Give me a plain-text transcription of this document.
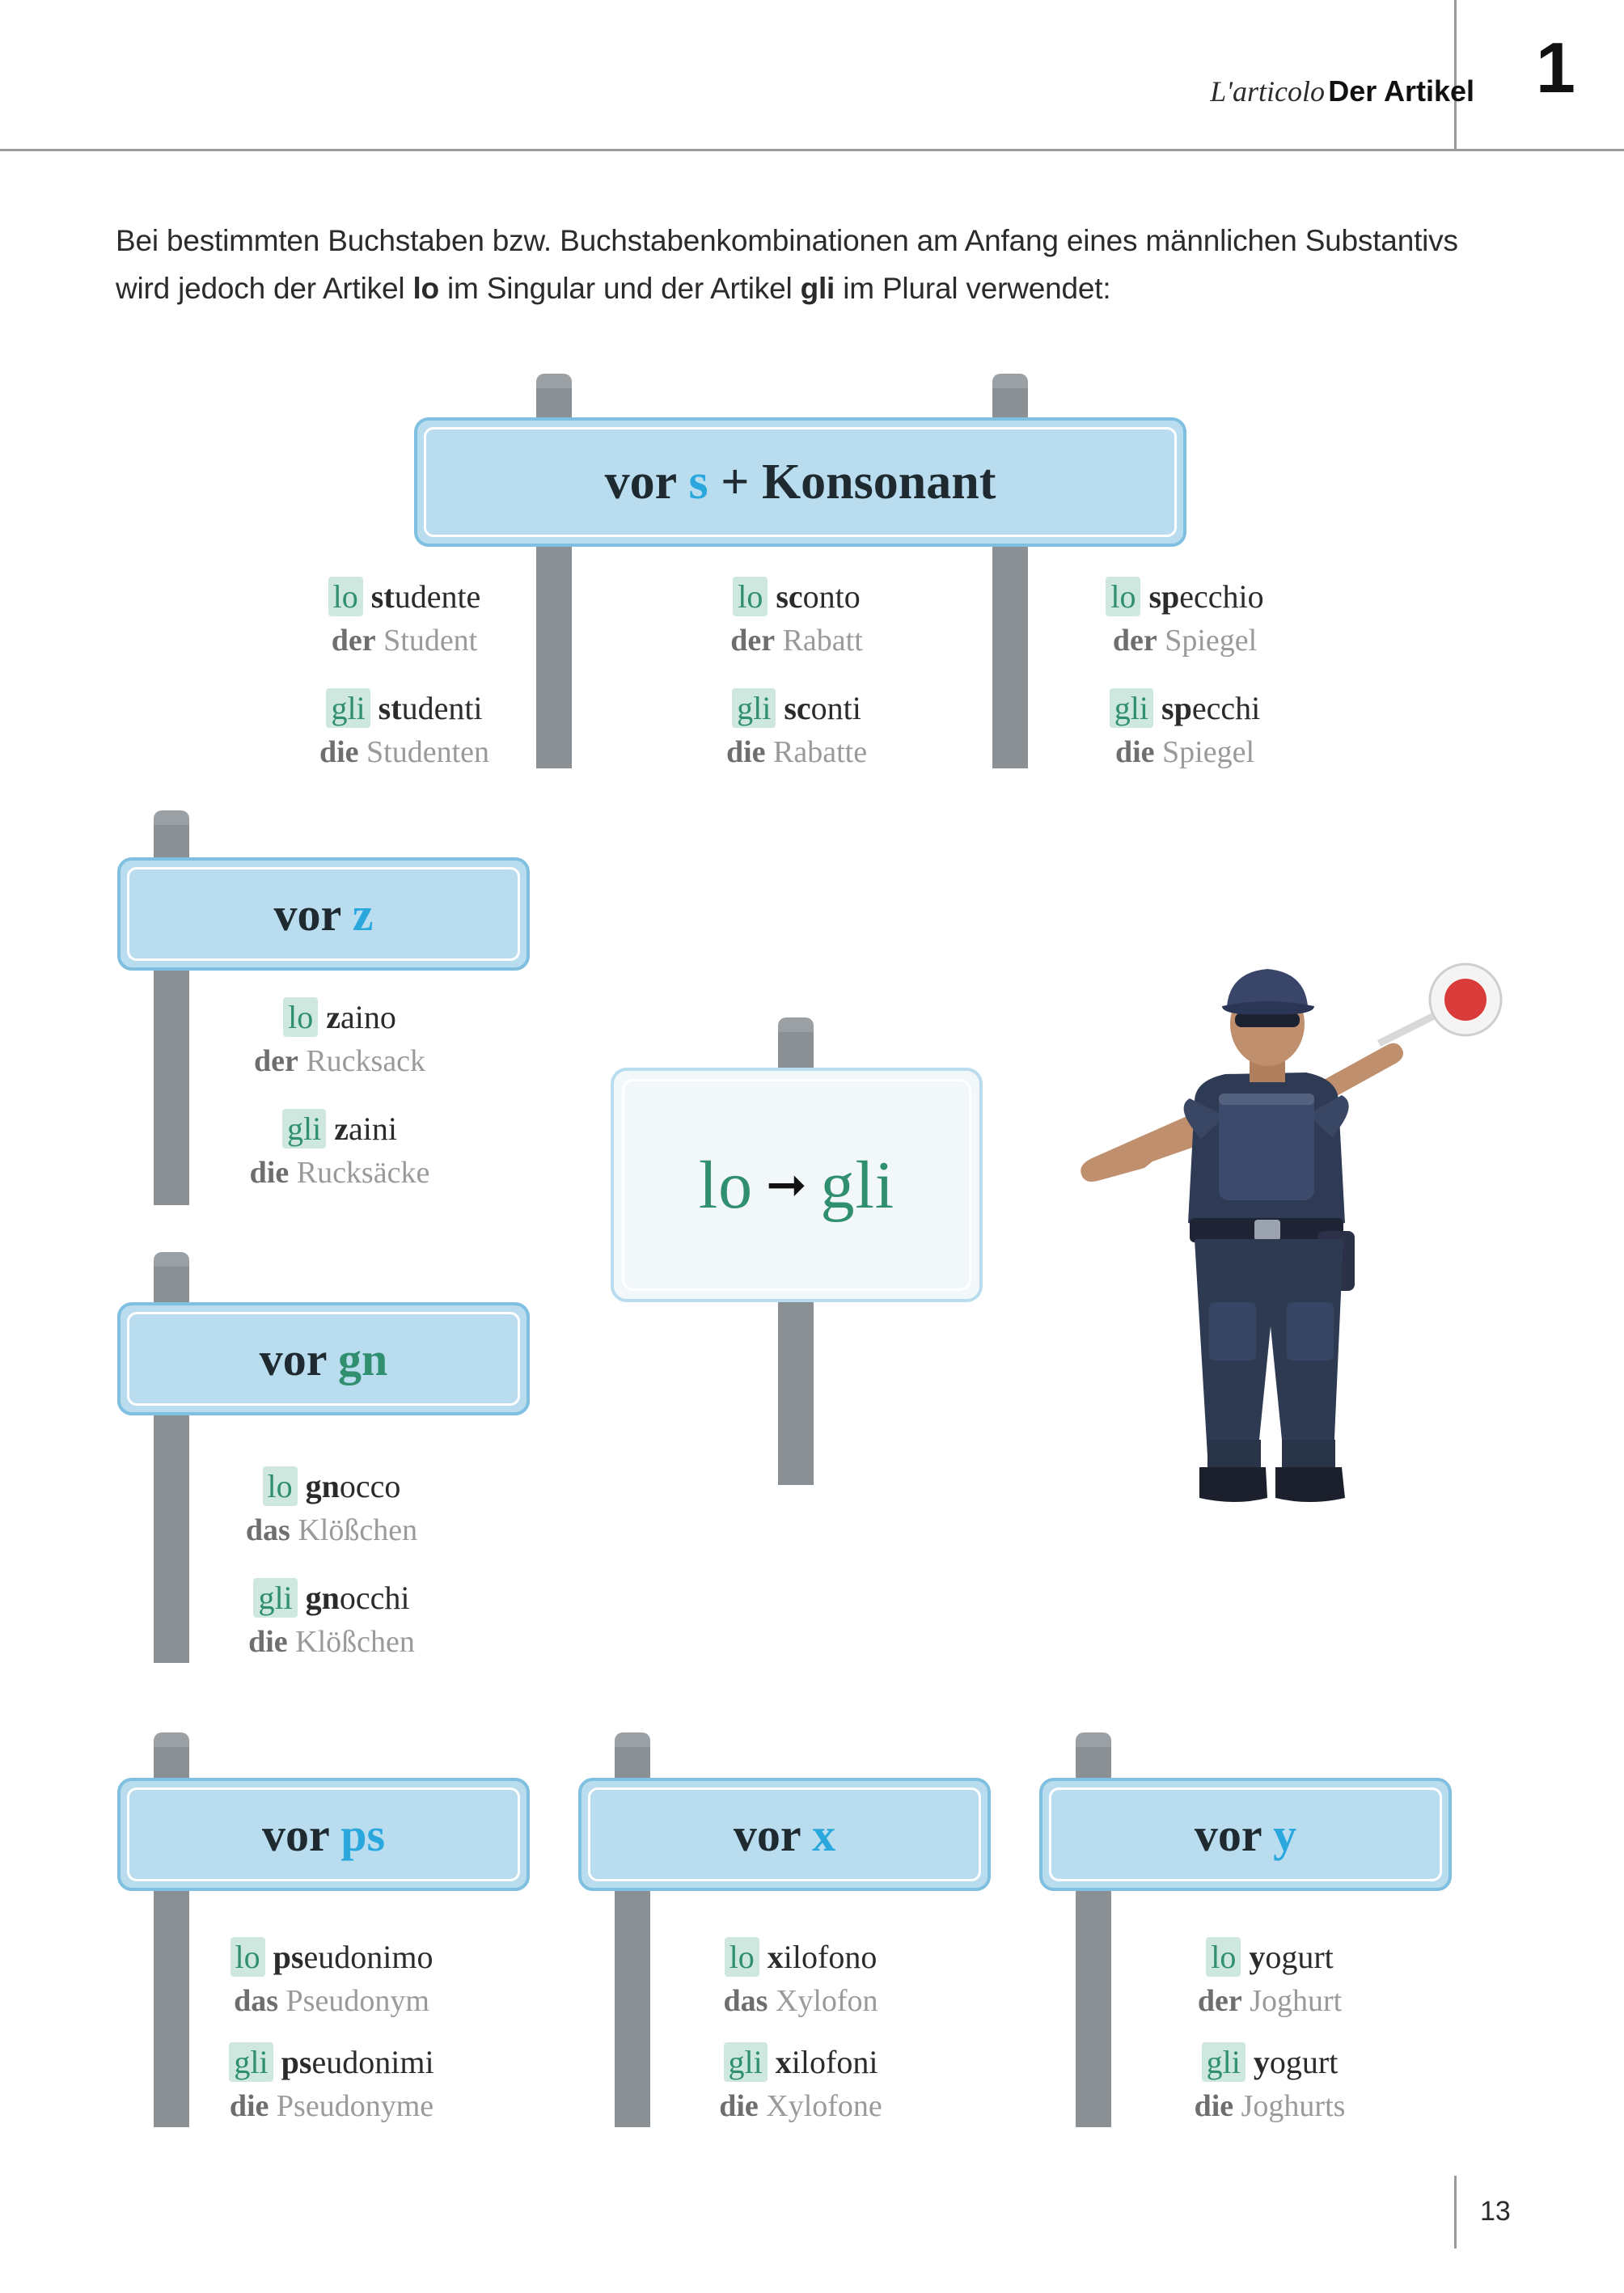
L'articolo Der Artikel 1
Bei bestimmten Buchstaben bzw. Buchstabenkombinationen am Anfang eines männlichen Substantivs wird jedoch der Artikel lo im Singular und der Artikel gli im Plural verwendet:
vor s + Konsonant
lo studente
der Student
gli studenti
die Studenten
lo sconto
der Rabatt
gli sconti
die Rabatte
lo specchio
der Spiegel
gli specchi
die Spiegel
vor z
lo zaino
der Rucksack
gli zaini
die Rucksäcke
vor gn
lo gnocco
das Klößchen
gli gnocchi
die Klößchen
lo ➞ gli
vor ps
lo pseudonimo
das Pseudonym
gli pseudonimi
die Pseudonyme
vor x
lo xilofono
das Xylofon
gli xilofoni
die Xylofone
vor y
lo yogurt
der Joghurt
gli yogurt
die Joghurts
13
